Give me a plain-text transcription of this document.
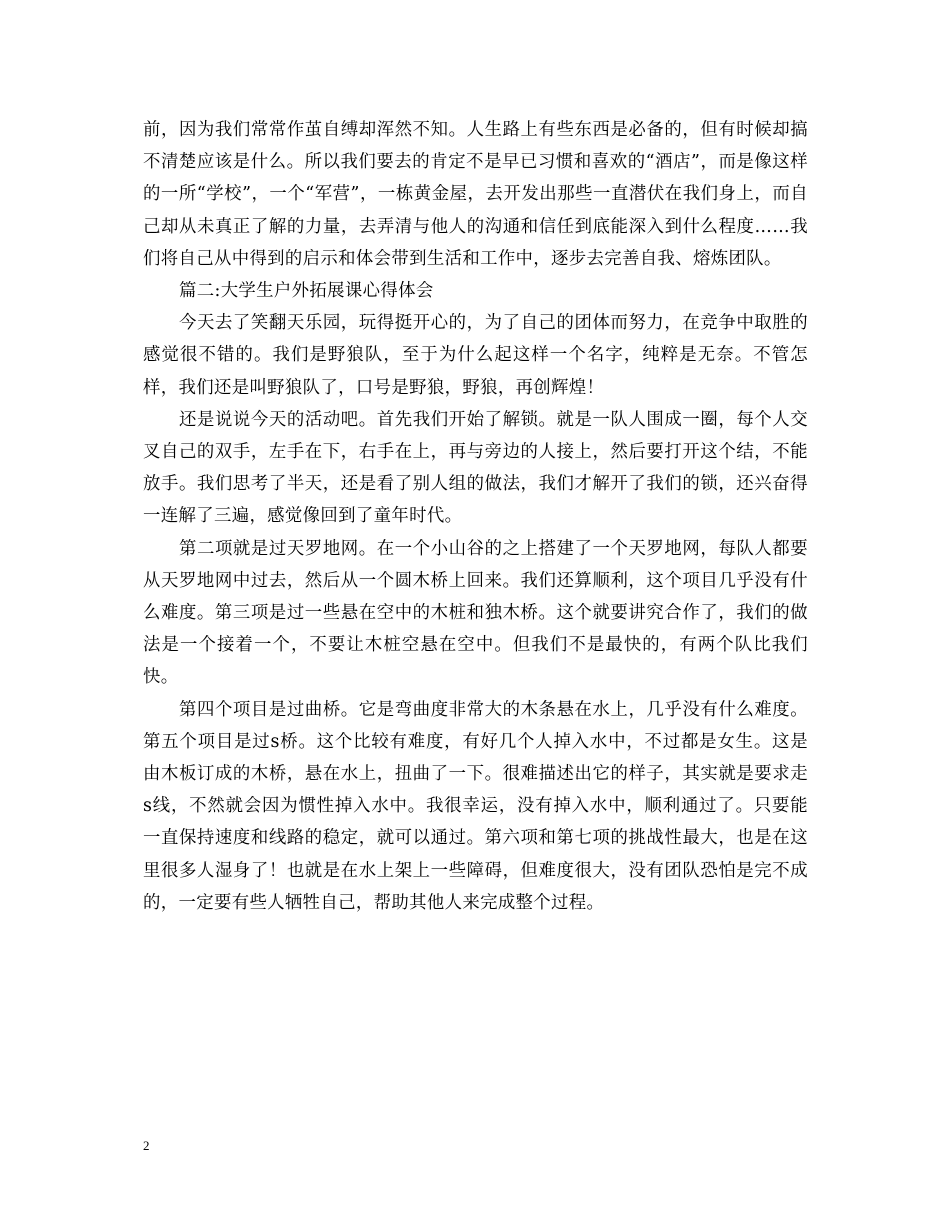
前，因为我们常常作茧自缚却浑然不知。人生路上有些东西是必备的，但有时候却搞不清楚应该是什么。所以我们要去的肯定不是早已习惯和喜欢的“酒店”，而是像这样的一所“学校”，一个“军营”，一栋黄金屋，去开发出那些一直潜伏在我们身上，而自己却从未真正了解的力量，去弄清与他人的沟通和信任到底能深入到什么程度……我们将自己从中得到的启示和体会带到生活和工作中，逐步去完善自我、熔炼团队。

篇二:大学生户外拓展课心得体会

今天去了笑翻天乐园，玩得挺开心的，为了自己的团体而努力，在竞争中取胜的感觉很不错的。我们是野狼队，至于为什么起这样一个名字，纯粹是无奈。不管怎样，我们还是叫野狼队了，口号是野狼，野狼，再创辉煌！

还是说说今天的活动吧。首先我们开始了解锁。就是一队人围成一圈，每个人交叉自己的双手，左手在下，右手在上，再与旁边的人接上，然后要打开这个结，不能放手。我们思考了半天，还是看了别人组的做法，我们才解开了我们的锁，还兴奋得一连解了三遍，感觉像回到了童年时代。

第二项就是过天罗地网。在一个小山谷的之上搭建了一个天罗地网，每队人都要从天罗地网中过去，然后从一个圆木桥上回来。我们还算顺利，这个项目几乎没有什么难度。第三项是过一些悬在空中的木桩和独木桥。这个就要讲究合作了，我们的做法是一个接着一个，不要让木桩空悬在空中。但我们不是最快的，有两个队比我们快。

第四个项目是过曲桥。它是弯曲度非常大的木条悬在水上，几乎没有什么难度。第五个项目是过s桥。这个比较有难度，有好几个人掉入水中，不过都是女生。这是由木板订成的木桥，悬在水上，扭曲了一下。很难描述出它的样子，其实就是要求走s线，不然就会因为惯性掉入水中。我很幸运，没有掉入水中，顺利通过了。只要能一直保持速度和线路的稳定，就可以通过。第六项和第七项的挑战性最大，也是在这里很多人湿身了！也就是在水上架上一些障碍，但难度很大，没有团队恐怕是完不成的，一定要有些人牺牲自己，帮助其他人来完成整个过程。

2
